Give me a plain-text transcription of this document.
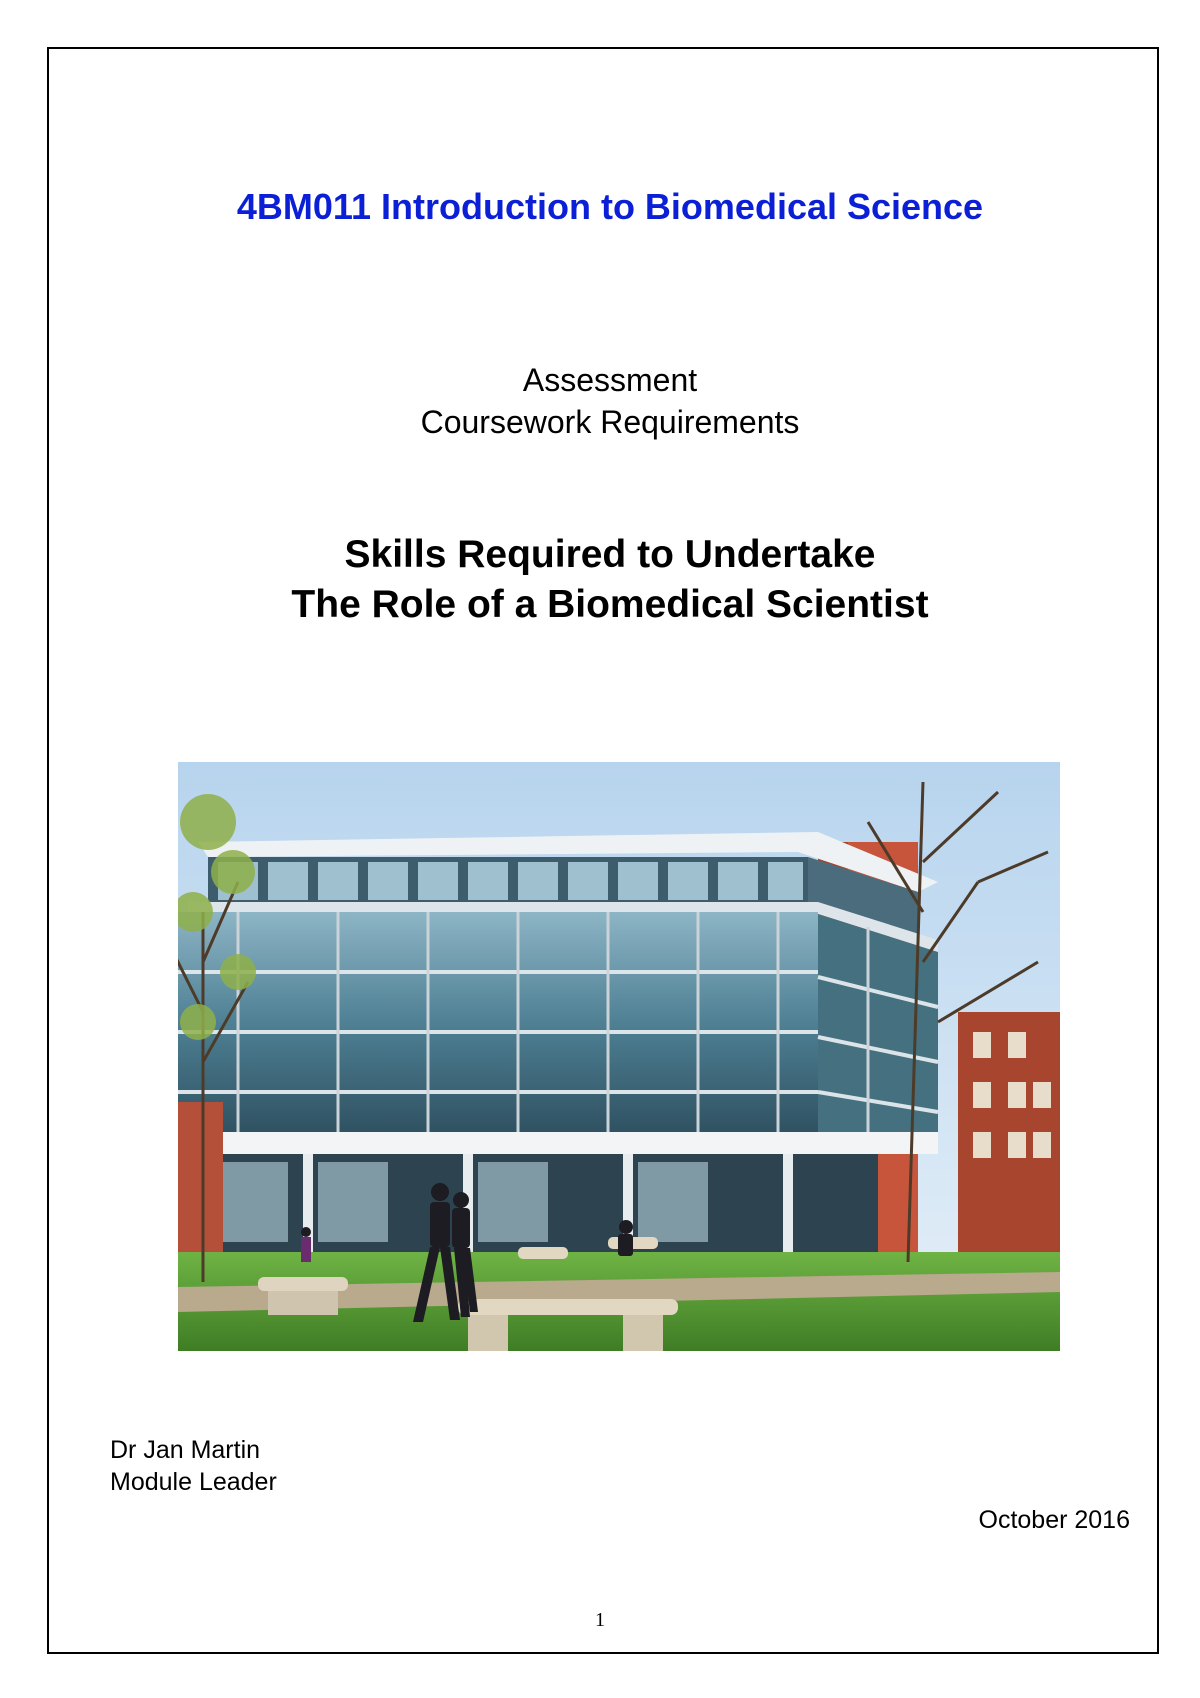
4BM011 Introduction to Biomedical Science
Assessment
Coursework Requirements
Skills Required to Undertake
The Role of a Biomedical Scientist
Dr Jan Martin
Module Leader
October 2016
1
